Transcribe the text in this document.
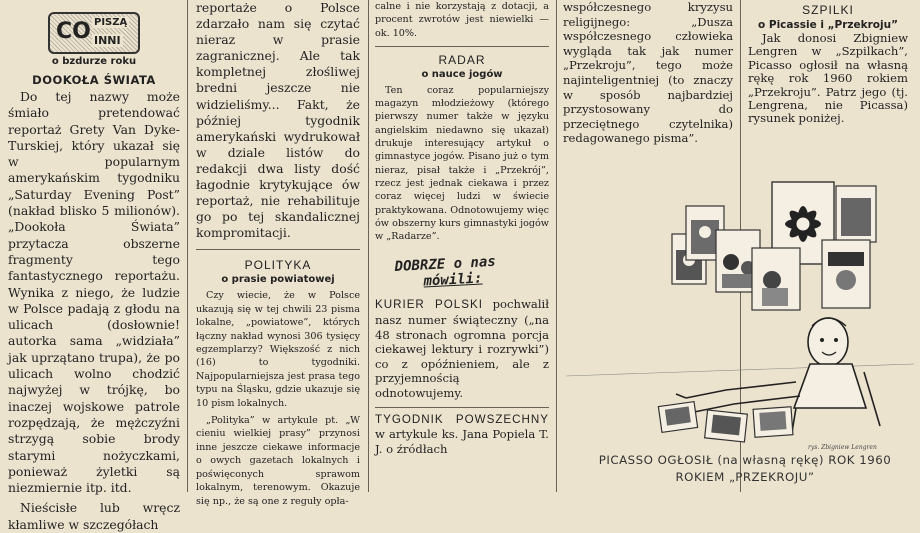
CO PISZĄ
INNI
o bzdurze roku
DOOKOŁA ŚWIATA

Do tej nazwy może śmiało pretendować reportaż Grety Van Dyke-Turskiej, który ukazał się w popularnym amerykańskim tygodniku „Saturday Evening Post” (nakład blisko 5 milionów). „Dookoła Świata” przytacza obszerne fragmenty tego fantastycznego reportażu. Wynika z niego, że ludzie w Polsce padają z głodu na ulicach (dosłownie! autorka sama „widziała” jak uprzątano trupa), że po ulicach wolno chodzić najwyżej w trójkę, bo inaczej wojskowe patrole rozpędzają, że mężczyźni strzygą sobie brody starymi nożyczkami, ponieważ żyletki są niezmiernie itp. itd.

Nieścisłe lub wręcz kłamliwe w szczegółach

reportaże o Polsce zdarzało nam się czytać nieraz w prasie zagranicznej. Ale tak kompletnej złośliwej bredni jeszcze nie widzieliśmy... Fakt, że później tygodnik amerykański wydrukował w dziale listów do redakcji dwa listy dość łagodnie krytykujące ów reportaż, nie rehabilituje go po tej skandalicznej kompromitacji.

POLITYKA
o prasie powiatowej

Czy wiecie, że w Polsce ukazują się w tej chwili 23 pisma lokalne, „powiatowe”, których łączny nakład wynosi 306 tysięcy egzemplarzy? Większość z nich (16) to tygodniki. Najpopularniejsza jest prasa tego typu na Śląsku, gdzie ukazuje się 10 pism lokalnych.

„Polityka” w artykule pt. „W cieniu wielkiej prasy” przynosi inne jeszcze ciekawe informacje o owych gazetach lokalnych i poświęconych sprawom lokalnym, terenowym. Okazuje się np., że są one z reguły opła-

calne i nie korzystają z dotacji, a procent zwrotów jest niewielki — ok. 10%.

RADAR
o nauce jogów

Ten coraz popularniejszy magazyn młodzieżowy (którego pierwszy numer także w języku angielskim niedawno się ukazał) drukuje interesujący artykuł o gimnastyce jogów. Pisano już o tym nieraz, pisał także i „Przekrój”, rzecz jest jednak ciekawa i przez coraz więcej ludzi w świecie praktykowana. Odnotowujemy więc ów obszerny kurs gimnastyki jogów w „Radarze”.

DOBRZE o nas
mówili:

KURIER POLSKI pochwalił nasz numer świąteczny („na 48 stronach ogromna porcja ciekawej lektury i rozrywki”) co z opóźnieniem, ale z przyjemnością odnotowujemy.

TYGODNIK POWSZECHNY w artykule ks. Jana Popiela T. J. o źródłach

współczesnego kryzysu religijnego: „Dusza współczesnego człowieka wygląda tak jak numer „Przekroju”, tego może najinteligentniej (to znaczy w sposób najbardziej przystosowany do przeciętnego czytelnika) redagowanego pisma”.

SZPILKI
o Picassie i „Przekroju”

Jak donosi Zbigniew Lengren w „Szpilkach”, Picasso ogłosił na własną rękę rok 1960 rokiem „Przekroju”. Patrz jego (tj. Lengrena, nie Picassa) rysunek poniżej.

rys. Zbigniew Lengren
PICASSO OGŁOSIŁ (na własną rękę) ROK 1960
ROKIEM „PRZEKROJU”
